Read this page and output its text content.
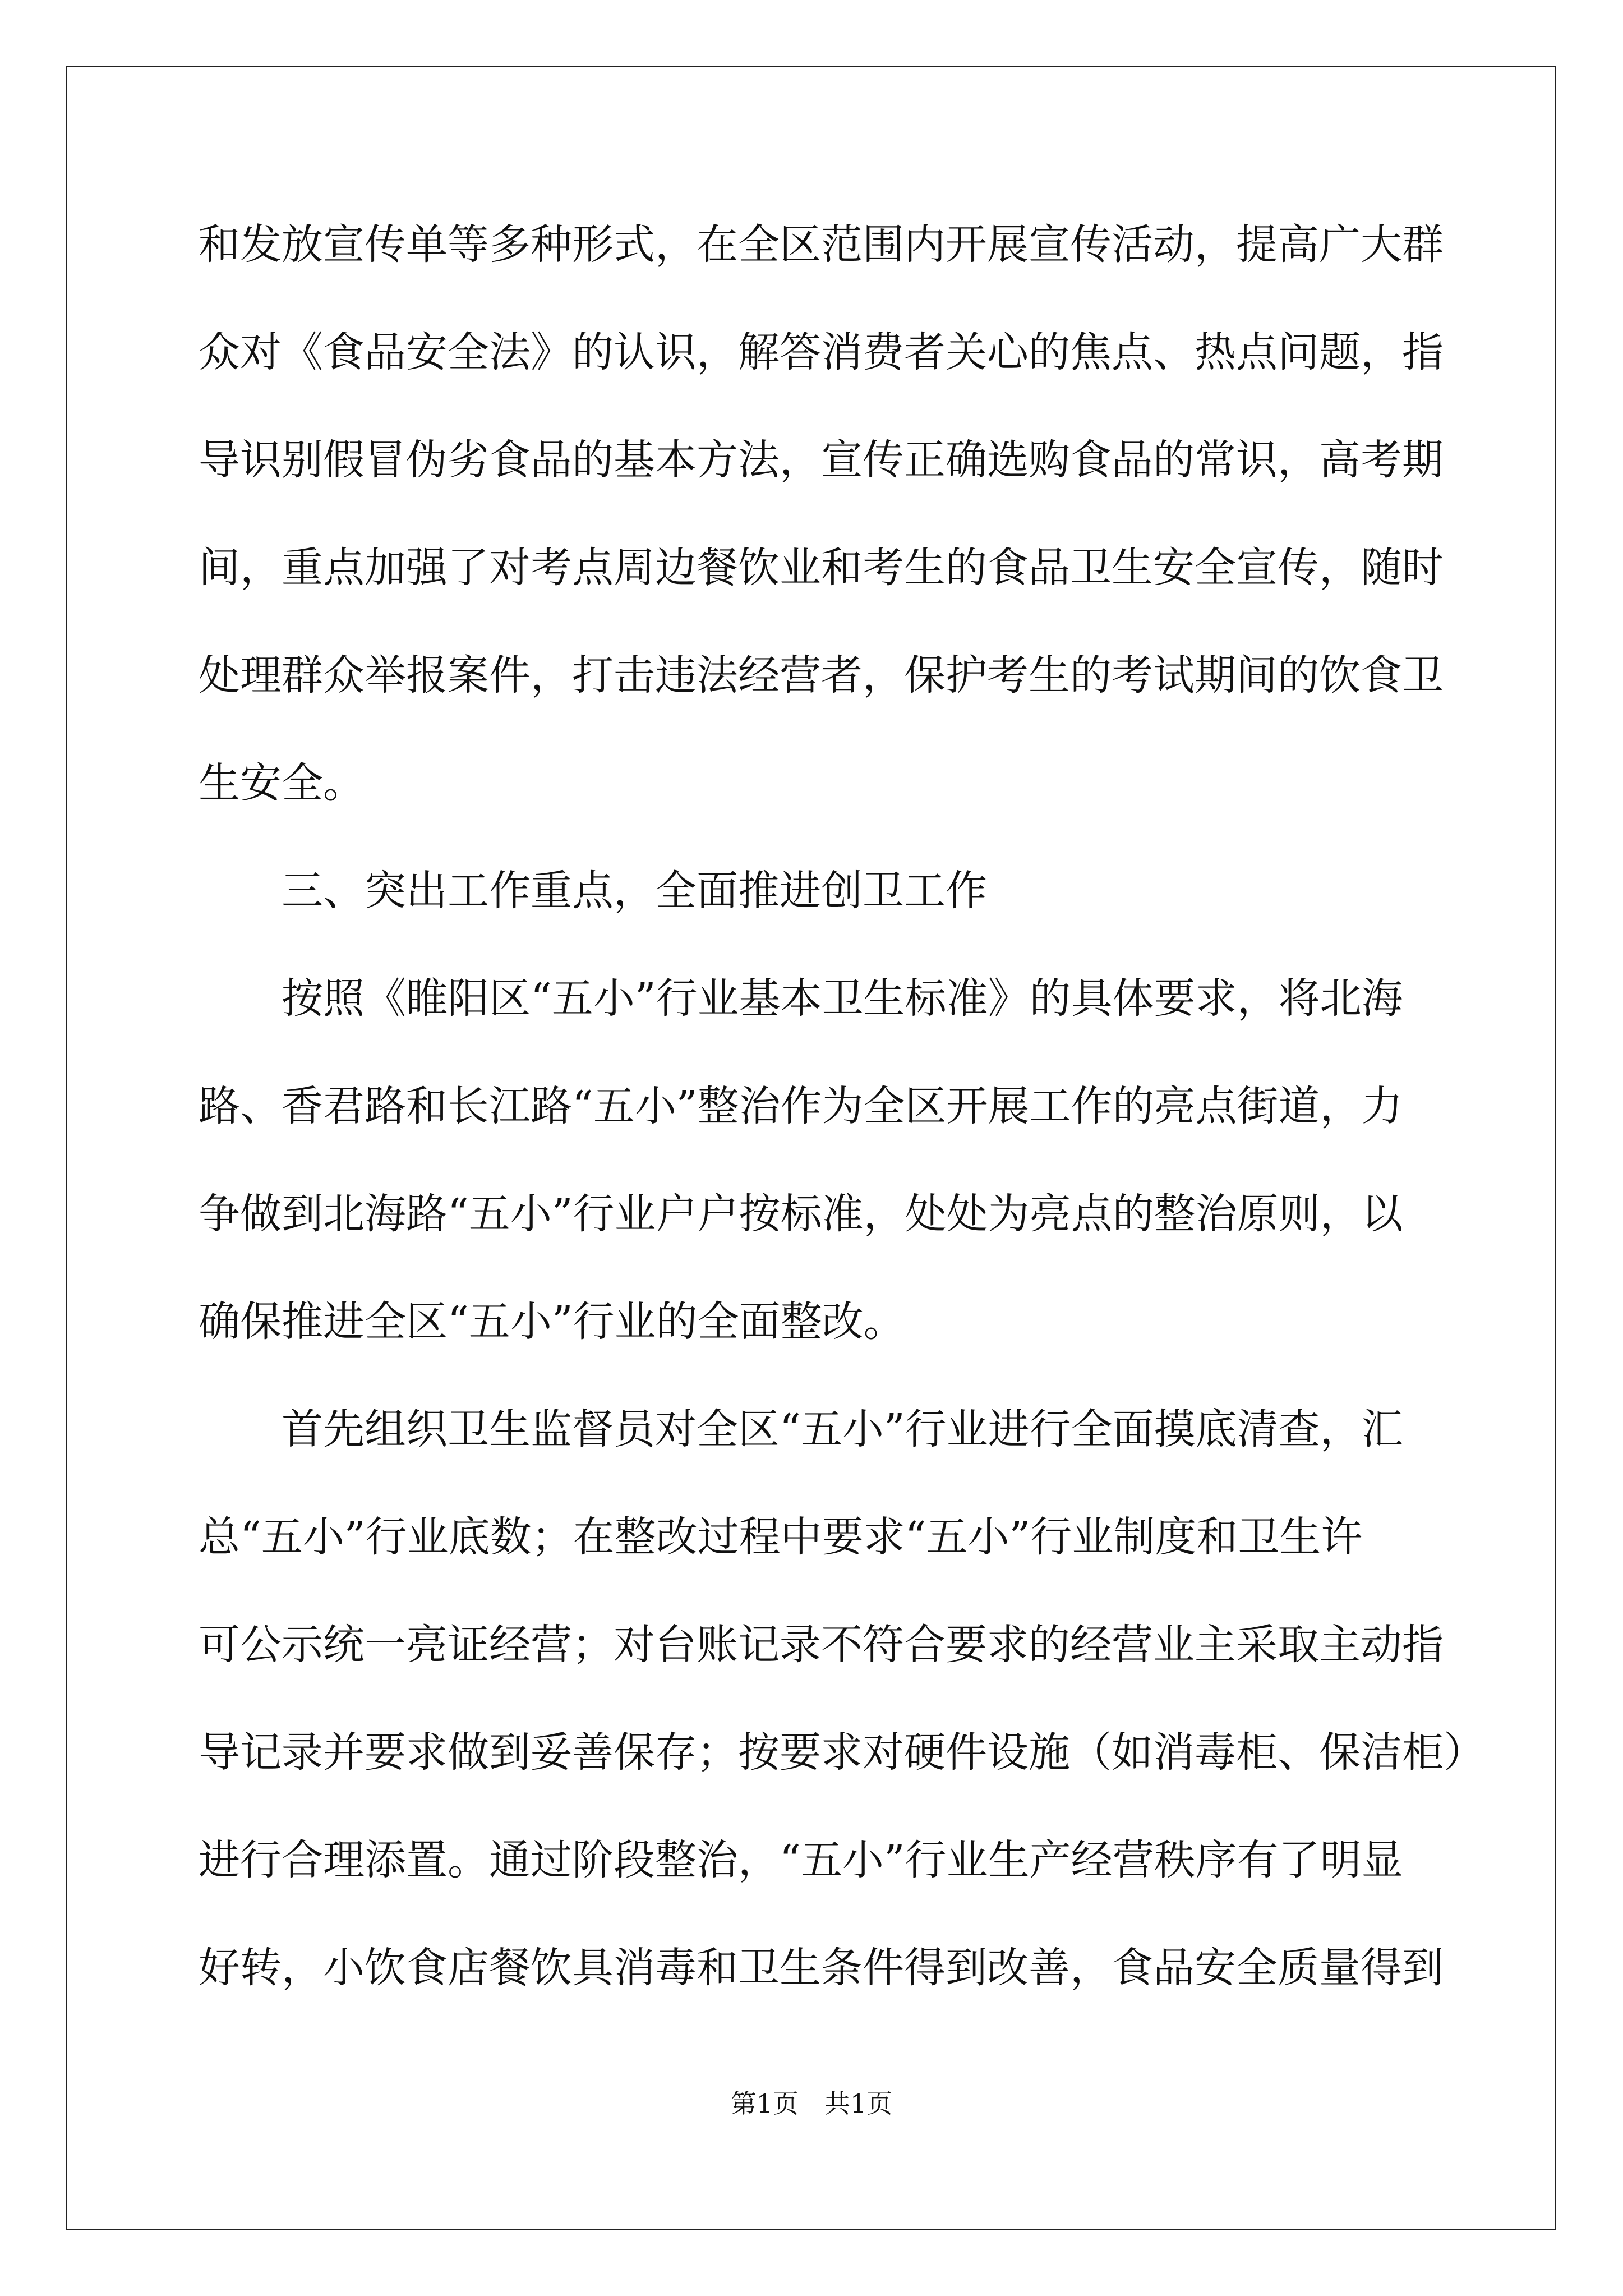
和发放宣传单等多种形式，在全区范围内开展宣传活动，提高广大群
众对《食品安全法》的认识，解答消费者关心的焦点、热点问题，指
导识别假冒伪劣食品的基本方法，宣传正确选购食品的常识，高考期
间，重点加强了对考点周边餐饮业和考生的食品卫生安全宣传，随时
处理群众举报案件，打击违法经营者，保护考生的考试期间的饮食卫
生安全。
三、突出工作重点，全面推进创卫工作
按照《睢阳区“五小”行业基本卫生标准》的具体要求，将北海
路、香君路和长江路“五小”整治作为全区开展工作的亮点街道，力
争做到北海路“五小”行业户户按标准，处处为亮点的整治原则，以
确保推进全区“五小”行业的全面整改。
首先组织卫生监督员对全区“五小”行业进行全面摸底清查，汇
总“五小”行业底数；在整改过程中要求“五小”行业制度和卫生许
可公示统一亮证经营；对台账记录不符合要求的经营业主采取主动指
导记录并要求做到妥善保存；按要求对硬件设施（如消毒柜、保洁柜）
进行合理添置。通过阶段整治，“五小”行业生产经营秩序有了明显
好转，小饮食店餐饮具消毒和卫生条件得到改善，食品安全质量得到
第1页　共1页
